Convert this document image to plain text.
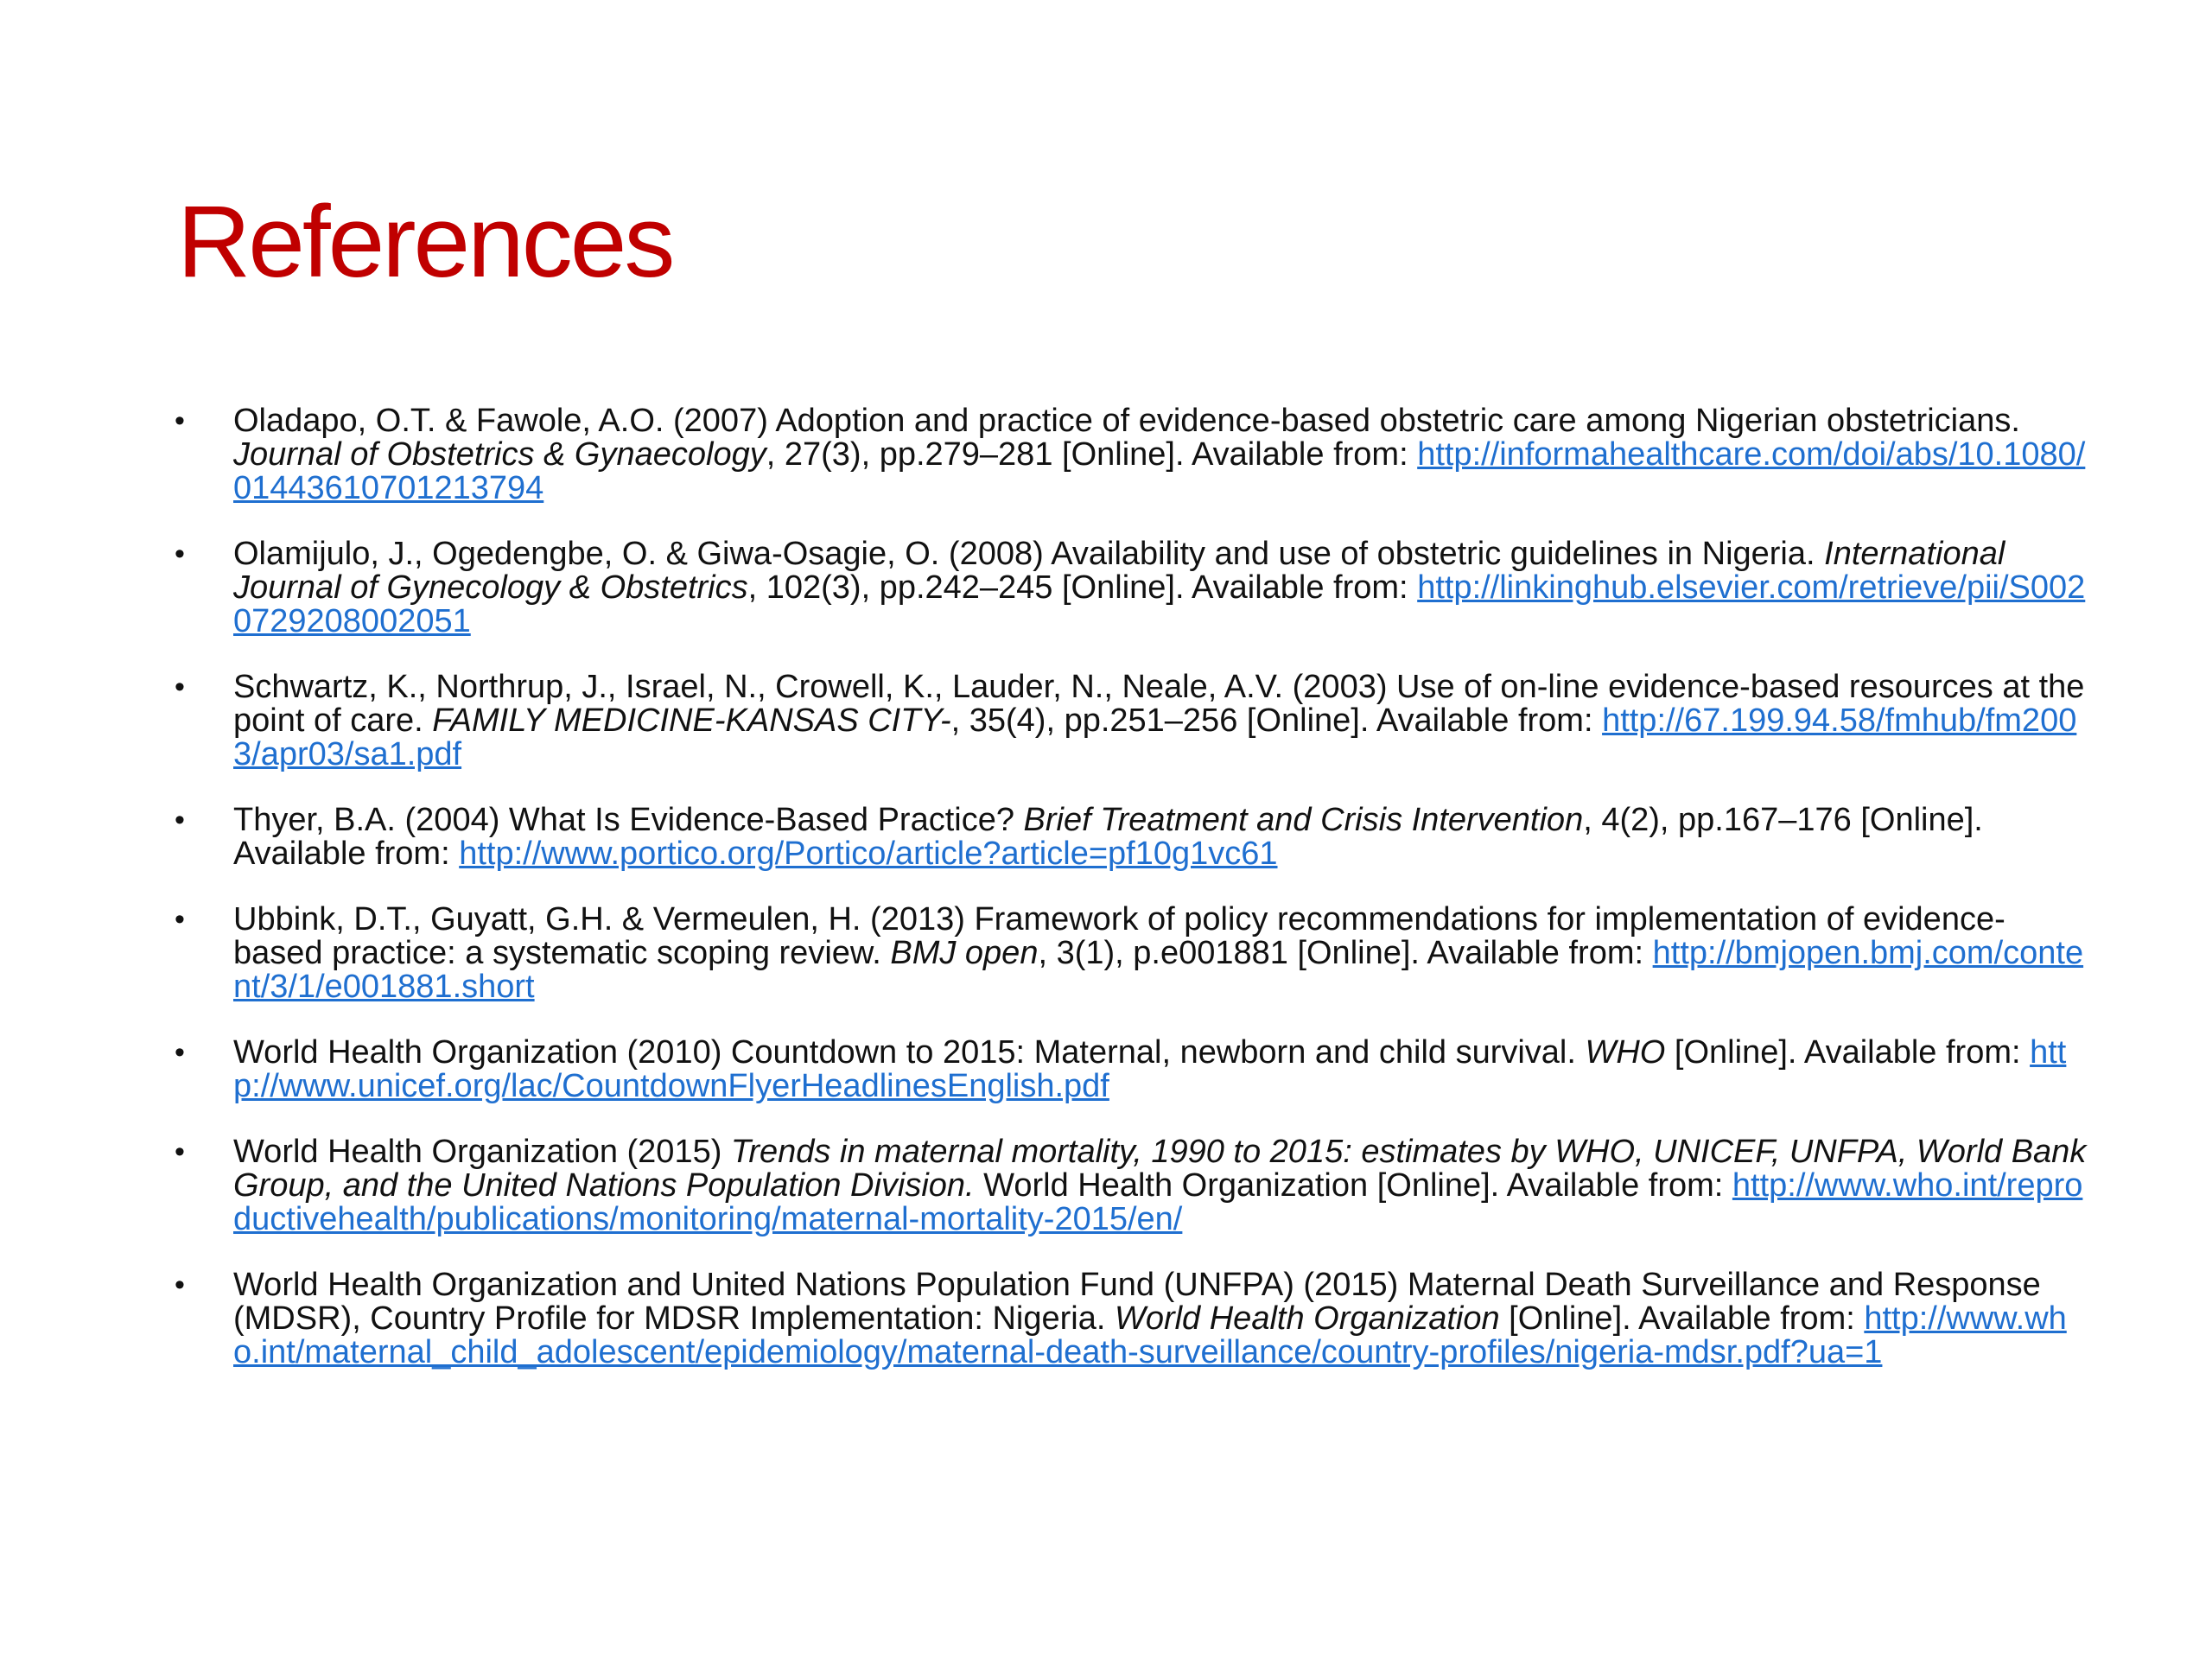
References
• Oladapo, O.T. & Fawole, A.O. (2007) Adoption and practice of evidence-based obstetric care among Nigerian obstetricians. Journal of Obstetrics & Gynaecology, 27(3), pp.279–281 [Online]. Available from: http://informahealthcare.com/doi/abs/10.1080/01443610701213794
• Olamijulo, J., Ogedengbe, O. & Giwa-Osagie, O. (2008) Availability and use of obstetric guidelines in Nigeria. International Journal of Gynecology & Obstetrics, 102(3), pp.242–245 [Online]. Available from: http://linkinghub.elsevier.com/retrieve/pii/S0020729208002051
• Schwartz, K., Northrup, J., Israel, N., Crowell, K., Lauder, N., Neale, A.V. (2003) Use of on-line evidence-based resources at the point of care. FAMILY MEDICINE-KANSAS CITY-, 35(4), pp.251–256 [Online]. Available from: http://67.199.94.58/fmhub/fm2003/apr03/sa1.pdf
• Thyer, B.A. (2004) What Is Evidence-Based Practice? Brief Treatment and Crisis Intervention, 4(2), pp.167–176 [Online]. Available from: http://www.portico.org/Portico/article?article=pf10g1vc61
• Ubbink, D.T., Guyatt, G.H. & Vermeulen, H. (2013) Framework of policy recommendations for implementation of evidence-based practice: a systematic scoping review. BMJ open, 3(1), p.e001881 [Online]. Available from: http://bmjopen.bmj.com/content/3/1/e001881.short
• World Health Organization (2010) Countdown to 2015: Maternal, newborn and child survival. WHO [Online]. Available from: http://www.unicef.org/lac/CountdownFlyerHeadlinesEnglish.pdf
• World Health Organization (2015) Trends in maternal mortality, 1990 to 2015: estimates by WHO, UNICEF, UNFPA, World Bank Group, and the United Nations Population Division. World Health Organization [Online]. Available from: http://www.who.int/reproductivehealth/publications/monitoring/maternal-mortality-2015/en/
• World Health Organization and United Nations Population Fund (UNFPA) (2015) Maternal Death Surveillance and Response (MDSR), Country Profile for MDSR Implementation: Nigeria. World Health Organization [Online]. Available from: http://www.who.int/maternal_child_adolescent/epidemiology/maternal-death-surveillance/country-profiles/nigeria-mdsr.pdf?ua=1
